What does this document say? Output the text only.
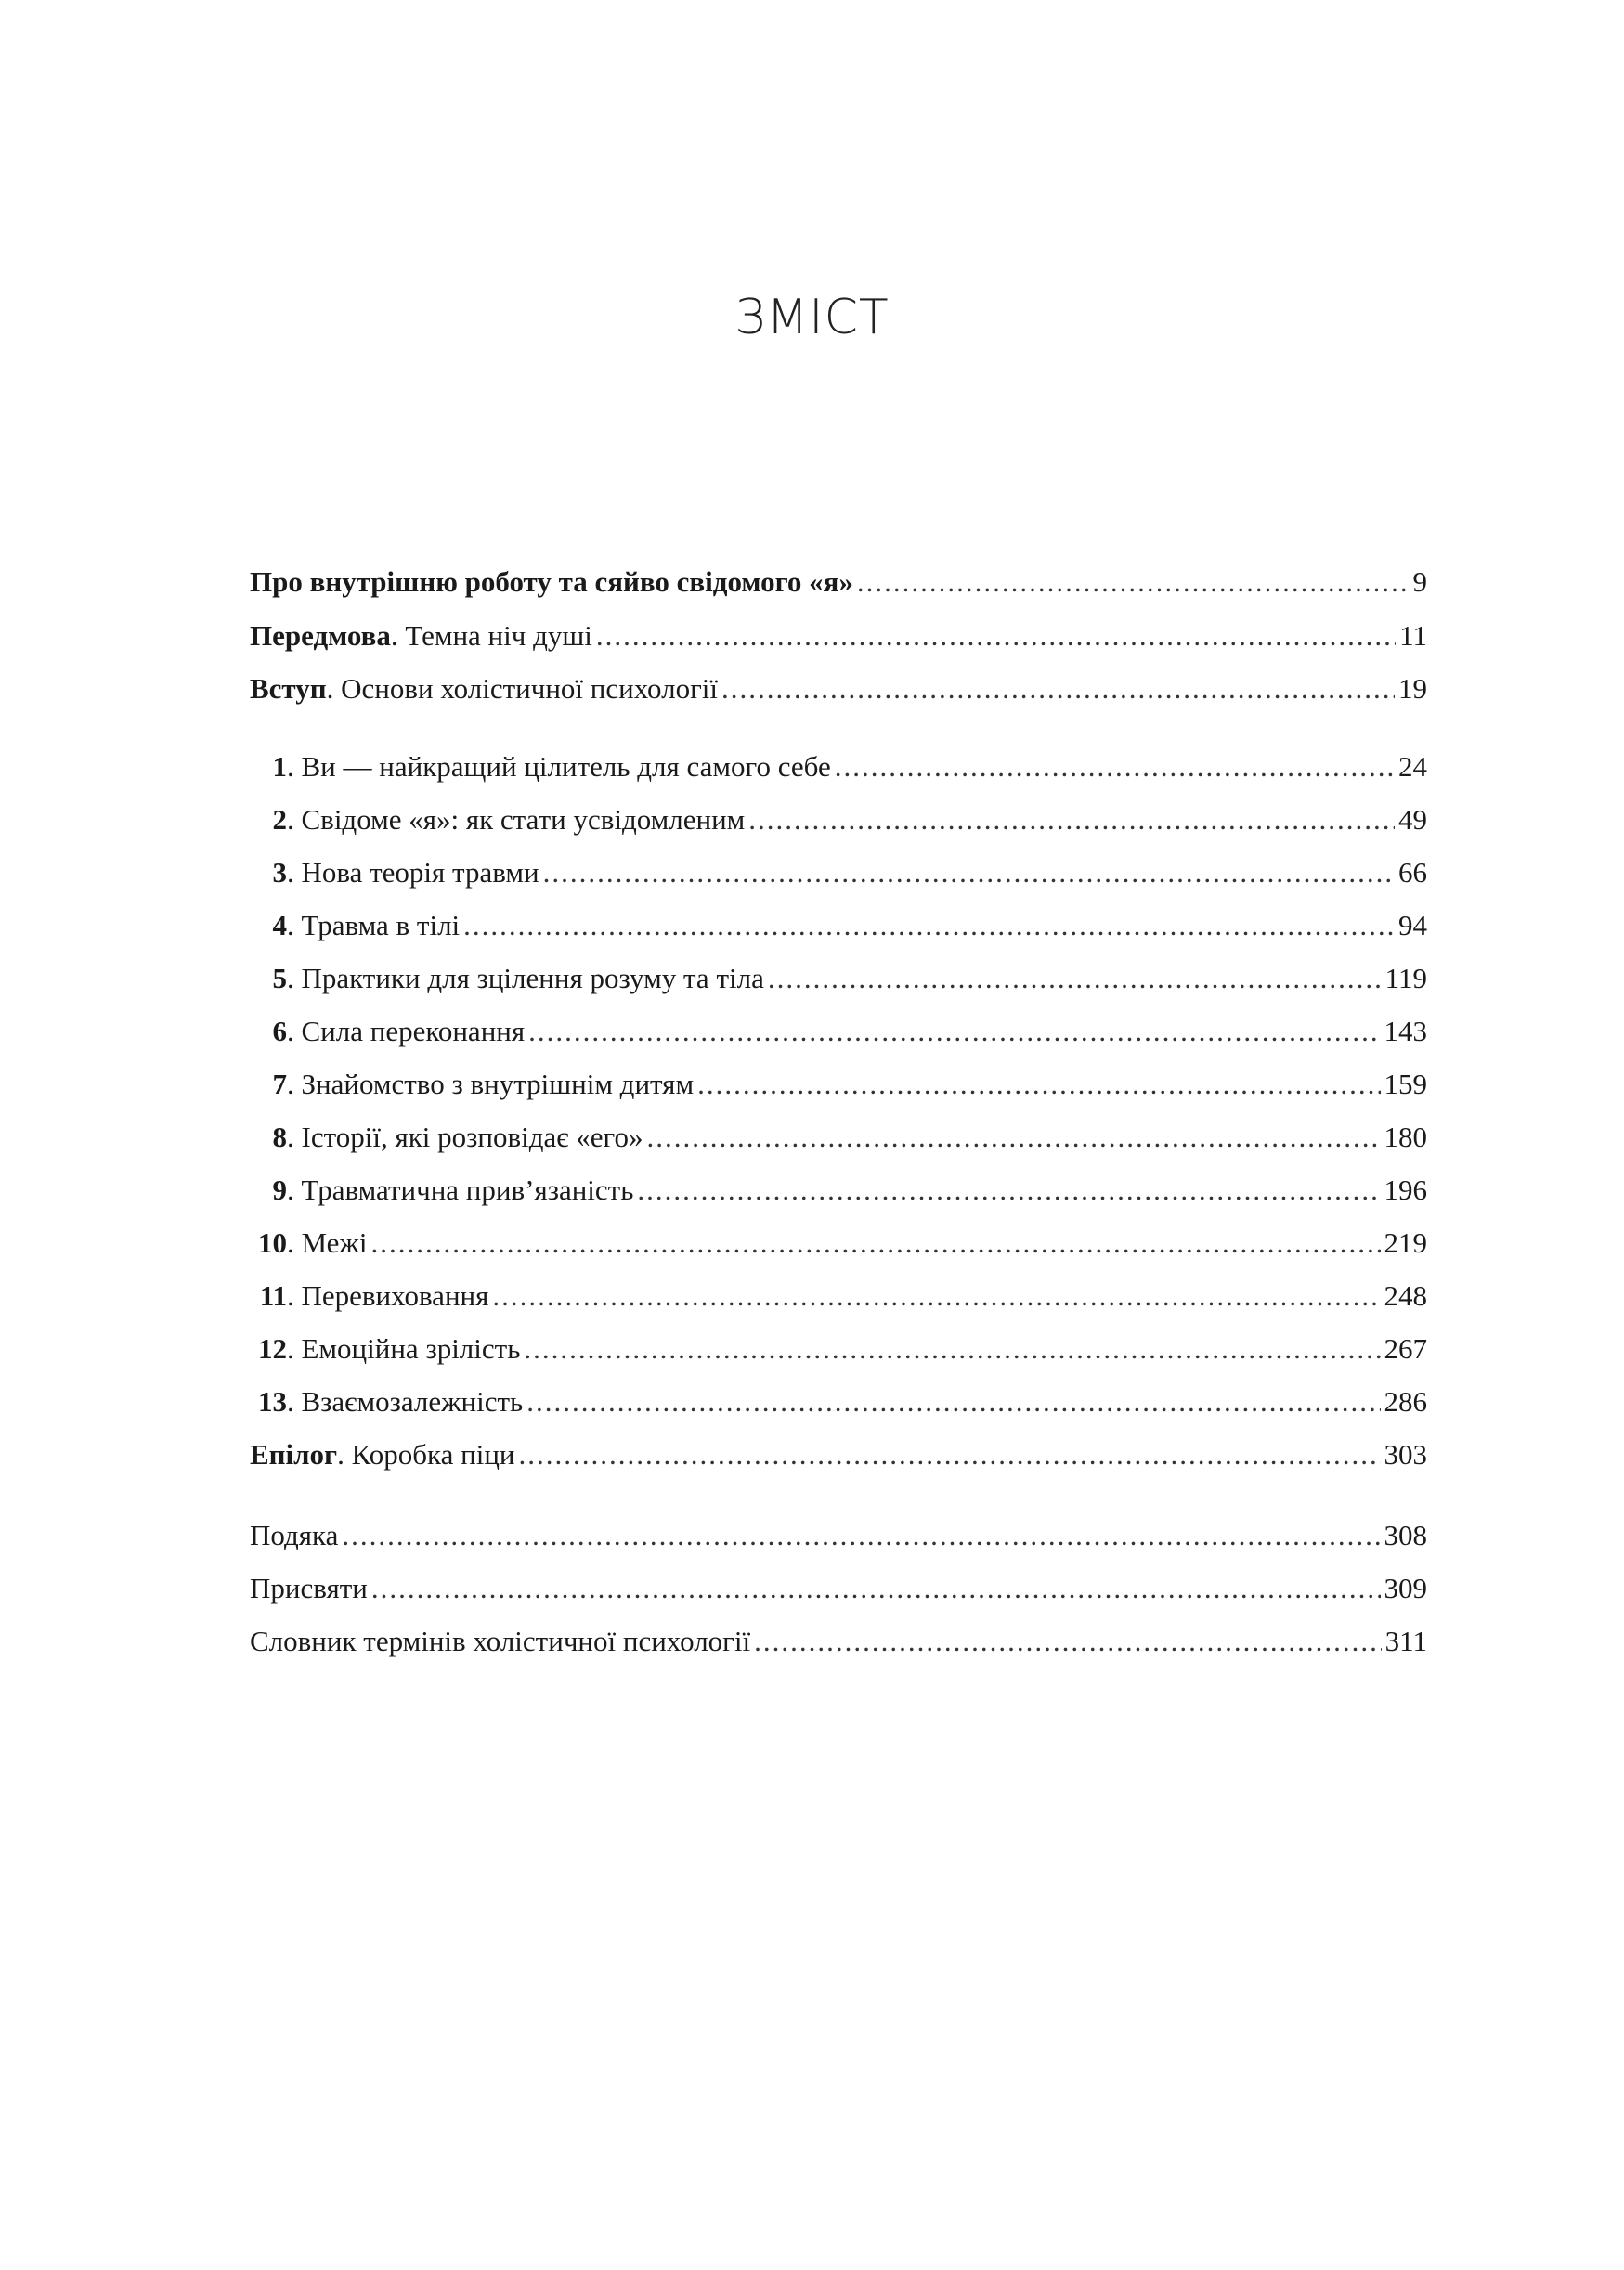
ЗМІСТ
Про внутрішню роботу та сяйво свідомого «я» .....	9
Передмова. Темна ніч душі .....	11
Вступ. Основи холістичної психології .....	19
1. Ви — найкращий цілитель для самого себе .....	24
2. Свідоме «я»: як стати усвідомленим .....	49
3. Нова теорія травми .....	66
4. Травма в тілі .....	94
5. Практики для зцілення розуму та тіла .....	119
6. Сила переконання .....	143
7. Знайомство з внутрішнім дитям .....	159
8. Історії, які розповідає «его» .....	180
9. Травматична прив’язаність .....	196
10. Межі .....	219
11. Перевиховання .....	248
12. Емоційна зрілість .....	267
13. Взаємозалежність .....	286
Епілог. Коробка піци .....	303
Подяка .....	308
Присвяти .....	309
Словник термінів холістичної психології .....	311
